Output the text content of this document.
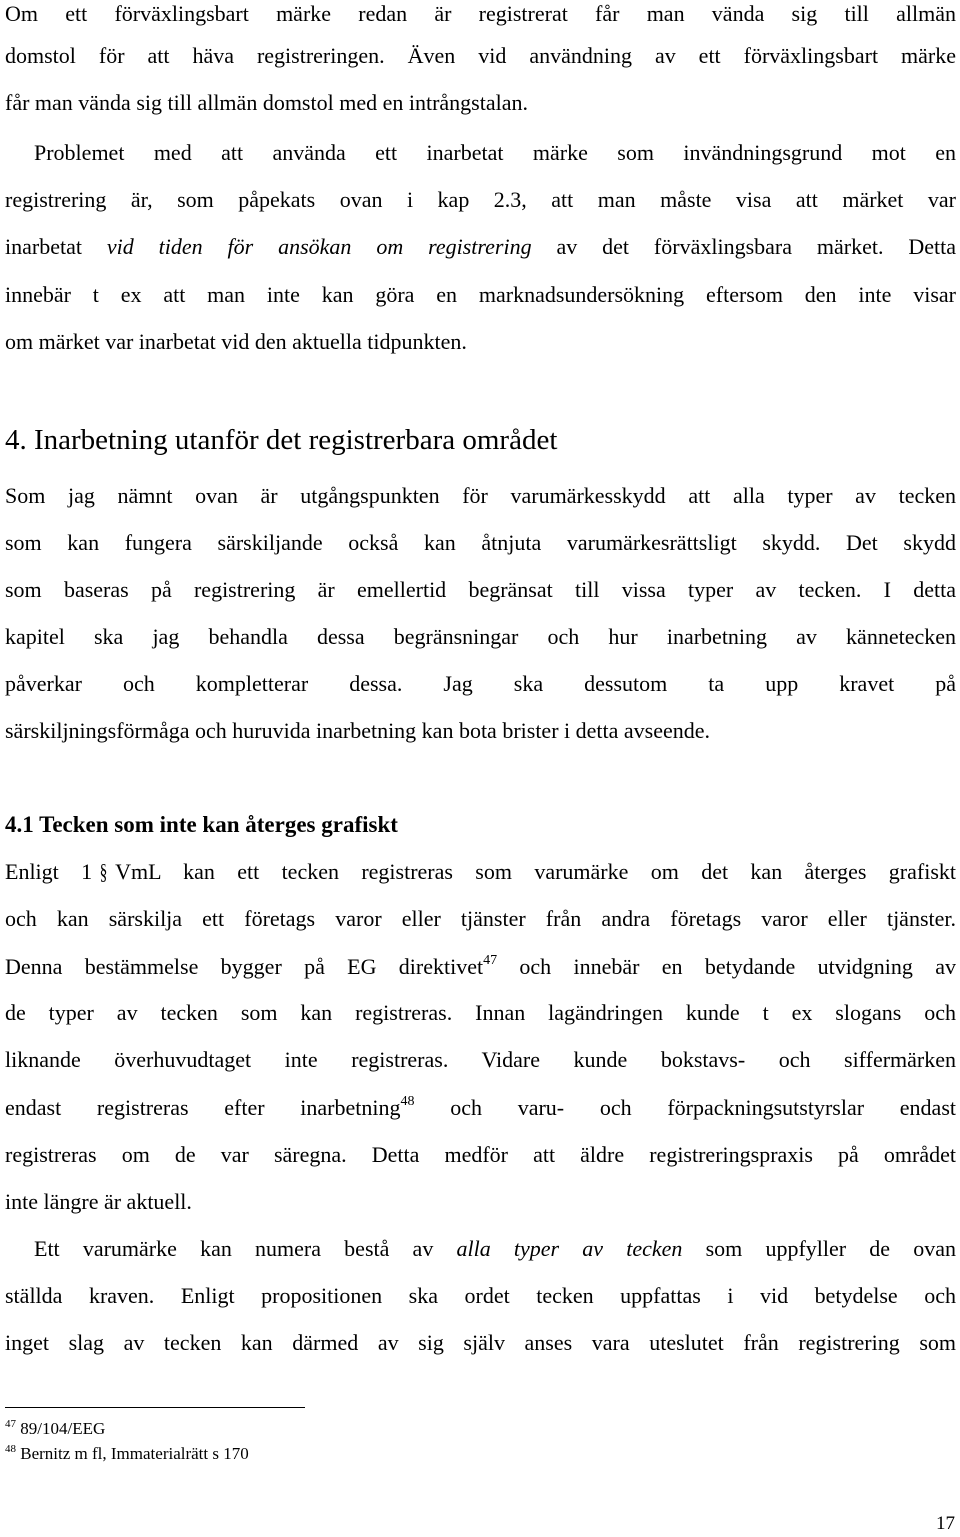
Om ett förväxlingsbart märke redan är registrerat får man vända sig till allmän
domstol för att häva registreringen. Även vid användning av ett förväxlingsbart märke
får man vända sig till allmän domstol med en intrångstalan.
Problemet med att använda ett inarbetat märke som invändningsgrund mot en
registrering är, som påpekats ovan i kap 2.3, att man måste visa att märket var
inarbetat vid tiden för ansökan om registrering av det förväxlingsbara märket. Detta
innebär t ex att man inte kan göra en marknadsundersökning eftersom den inte visar
om märket var inarbetat vid den aktuella tidpunkten.
4. Inarbetning utanför det registrerbara området
Som jag nämnt ovan är utgångspunkten för varumärkesskydd att alla typer av tecken
som kan fungera särskiljande också kan åtnjuta varumärkesrättsligt skydd. Det skydd
som baseras på registrering är emellertid begränsat till vissa typer av tecken. I detta
kapitel ska jag behandla dessa begränsningar och hur inarbetning av kännetecken
påverkar och kompletterar dessa. Jag ska dessutom ta upp kravet på
särskiljningsförmåga och huruvida inarbetning kan bota brister i detta avseende.
4.1 Tecken som inte kan återges grafiskt
Enligt 1 § VmL kan ett tecken registreras som varumärke om det kan återges grafiskt
och kan särskilja ett företags varor eller tjänster från andra företags varor eller tjänster.
Denna bestämmelse bygger på EG direktivet$^{47}$ och innebär en betydande utvidgning av
de typer av tecken som kan registreras. Innan lagändringen kunde t ex slogans och
liknande överhuvudtaget inte registreras. Vidare kunde bokstavs- och siffermärken
endast registreras efter inarbetning$^{48}$ och varu- och förpackningsutstyrslar endast
registreras om de var säregna. Detta medför att äldre registreringspraxis på området
inte längre är aktuell.
Ett varumärke kan numera bestå av alla typer av tecken som uppfyller de ovan
ställda kraven. Enligt propositionen ska ordet tecken uppfattas i vid betydelse och
inget slag av tecken kan därmed av sig själv anses vara uteslutet från registrering som
$^{47}$ 89/104/EEG
$^{48}$ Bernitz m fl, Immaterialrätt s 170
17
